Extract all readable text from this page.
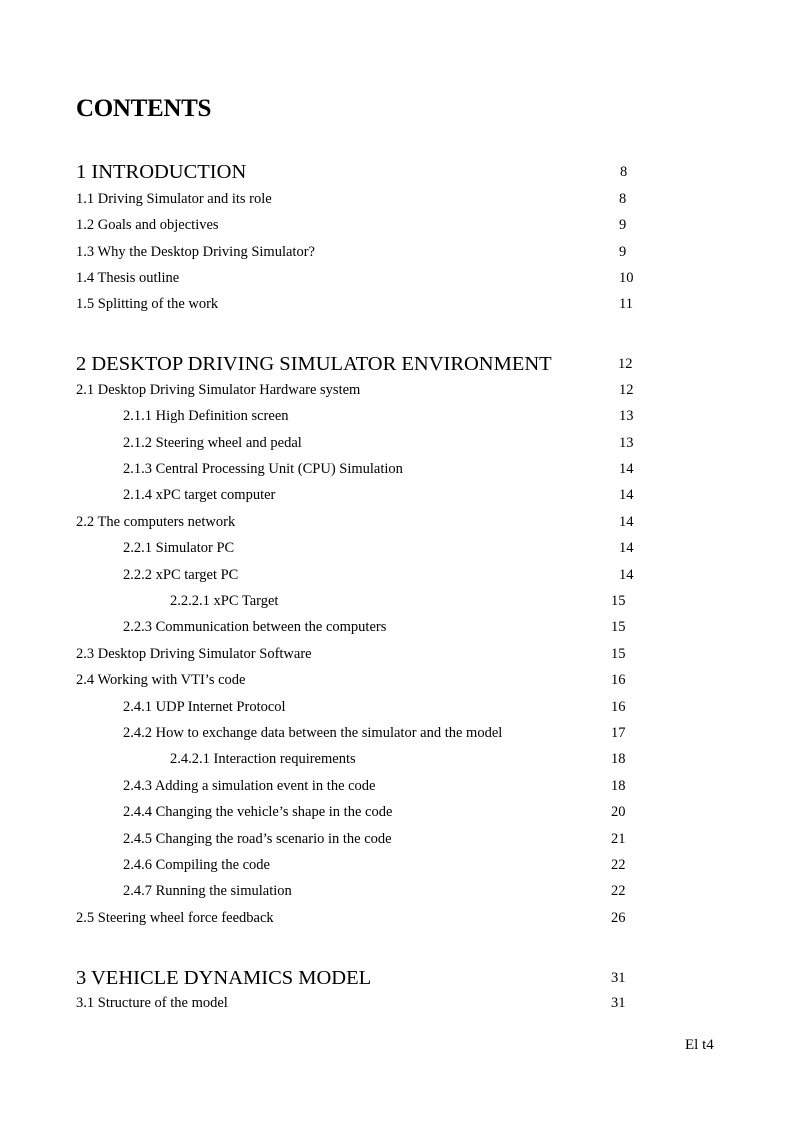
CONTENTS
1 INTRODUCTION	8
1.1 Driving Simulator and its role	8
1.2 Goals and objectives	9
1.3 Why the Desktop Driving Simulator?	9
1.4 Thesis outline	10
1.5 Splitting of the work	11
2 DESKTOP DRIVING SIMULATOR ENVIRONMENT	12
2.1 Desktop Driving Simulator Hardware system	12
2.1.1 High Definition screen	13
2.1.2 Steering wheel and pedal	13
2.1.3 Central Processing Unit (CPU) Simulation	14
2.1.4 xPC target computer	14
2.2 The computers network	14
2.2.1 Simulator PC	14
2.2.2 xPC target PC	14
2.2.2.1 xPC Target	15
2.2.3 Communication between the computers	15
2.3 Desktop Driving Simulator Software	15
2.4 Working with VTI’s code	16
2.4.1 UDP Internet Protocol	16
2.4.2 How to exchange data between the simulator and the model	17
2.4.2.1 Interaction requirements	18
2.4.3 Adding a simulation event in the code	18
2.4.4 Changing the vehicle’s shape in the code	20
2.4.5 Changing the road’s scenario in the code	21
2.4.6 Compiling the code	22
2.4.7 Running the simulation	22
2.5 Steering wheel force feedback	26
3 VEHICLE DYNAMICS MODEL	31
3.1 Structure of the model	31
El t4
